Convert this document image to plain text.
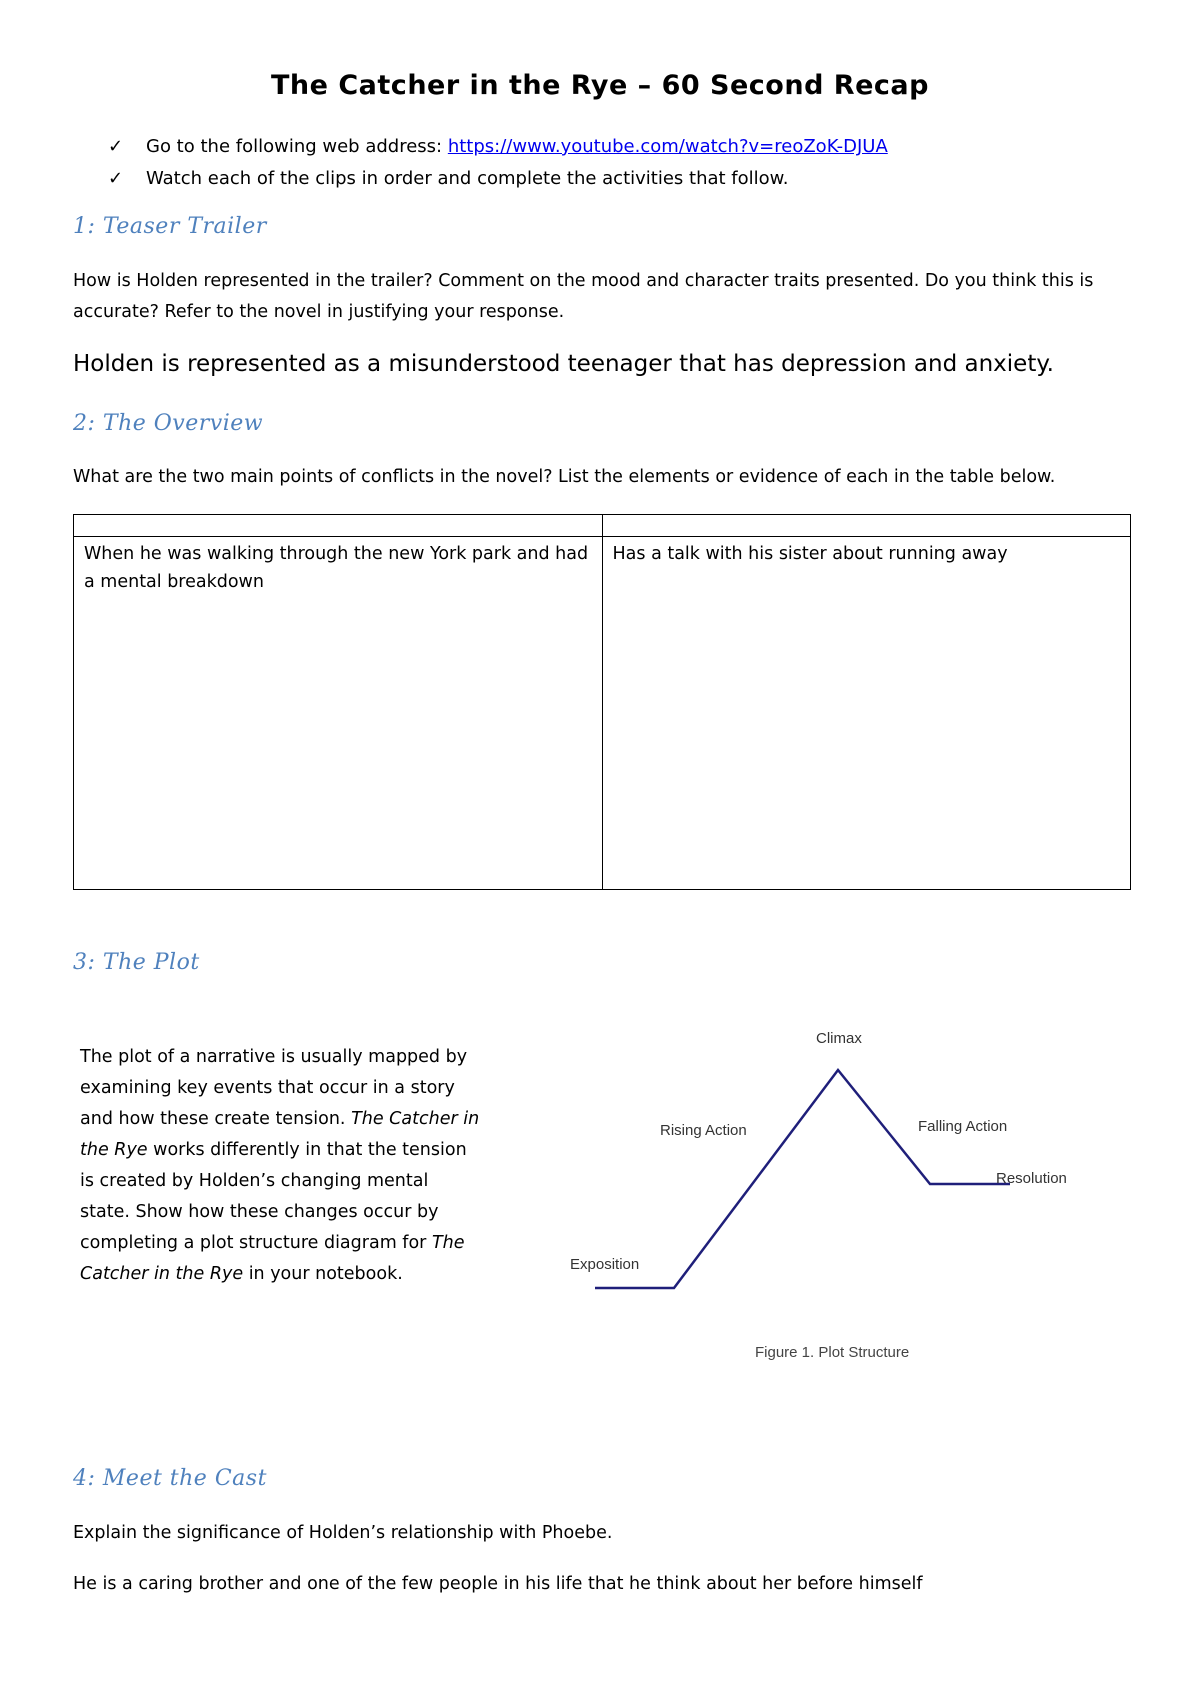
The Catcher in the Rye – 60 Second Recap
✓ Go to the following web address: https://www.youtube.com/watch?v=reoZoK-DJUA
✓ Watch each of the clips in order and complete the activities that follow.
1: Teaser Trailer
How is Holden represented in the trailer? Comment on the mood and character traits presented. Do you think this is accurate? Refer to the novel in justifying your response.
Holden is represented as a misunderstood teenager that has depression and anxiety.
2: The Overview
What are the two main points of conflicts in the novel? List the elements or evidence of each in the table below.

When he was walking through the new York park and had a mental breakdown	Has a talk with his sister about running away
3: The Plot
The plot of a narrative is usually mapped by examining key events that occur in a story and how these create tension. The Catcher in the Rye works differently in that the tension is created by Holden’s changing mental state. Show how these changes occur by completing a plot structure diagram for The Catcher in the Rye in your notebook.
Climax
Rising Action	Falling Action
Resolution
Exposition
Figure 1. Plot Structure
4: Meet the Cast
Explain the significance of Holden’s relationship with Phoebe.
He is a caring brother and one of the few people in his life that he think about her before himself
